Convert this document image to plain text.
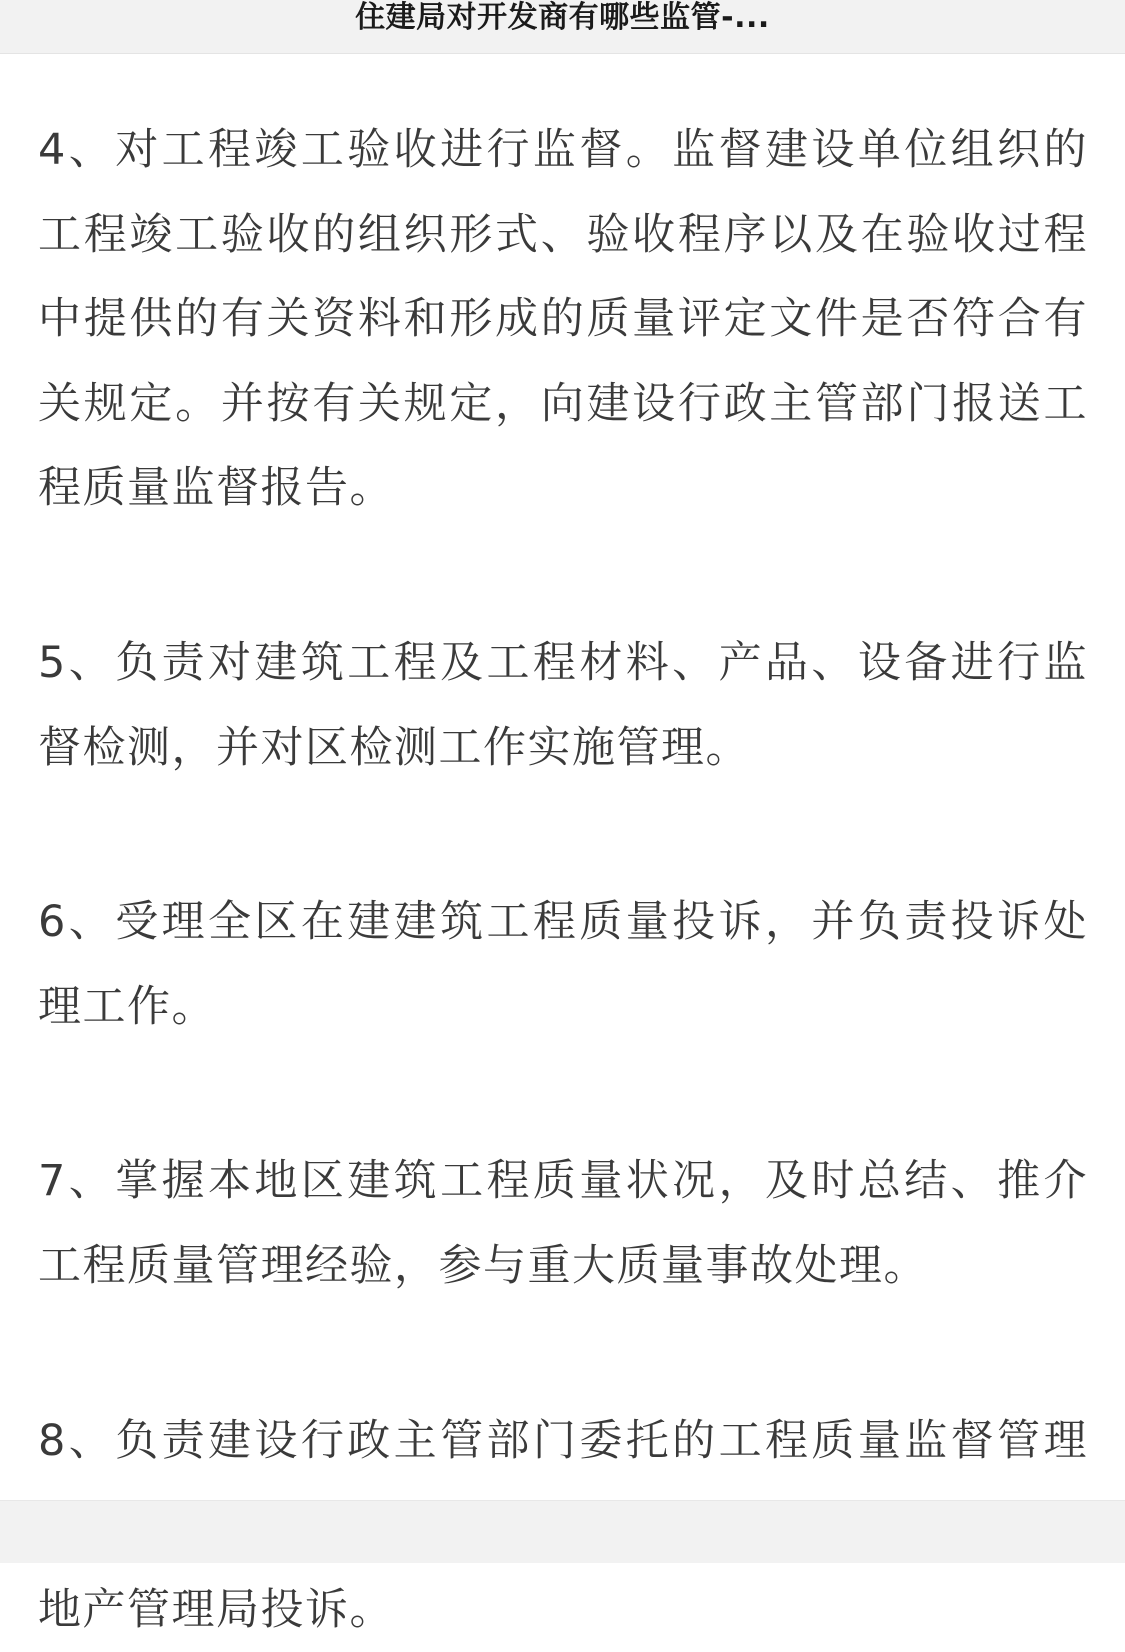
住建局对开发商有哪些监管-...

4、对工程竣工验收进行监督。监督建设单位组织的工程竣工验收的组织形式、验收程序以及在验收过程中提供的有关资料和形成的质量评定文件是否符合有关规定。并按有关规定，向建设行政主管部门报送工程质量监督报告。

5、负责对建筑工程及工程材料、产品、设备进行监督检测，并对区检测工作实施管理。

6、受理全区在建建筑工程质量投诉，并负责投诉处理工作。

7、掌握本地区建筑工程质量状况，及时总结、推介工程质量管理经验，参与重大质量事故处理。

8、负责建设行政主管部门委托的工程质量监督管理 地产管理局投诉。
